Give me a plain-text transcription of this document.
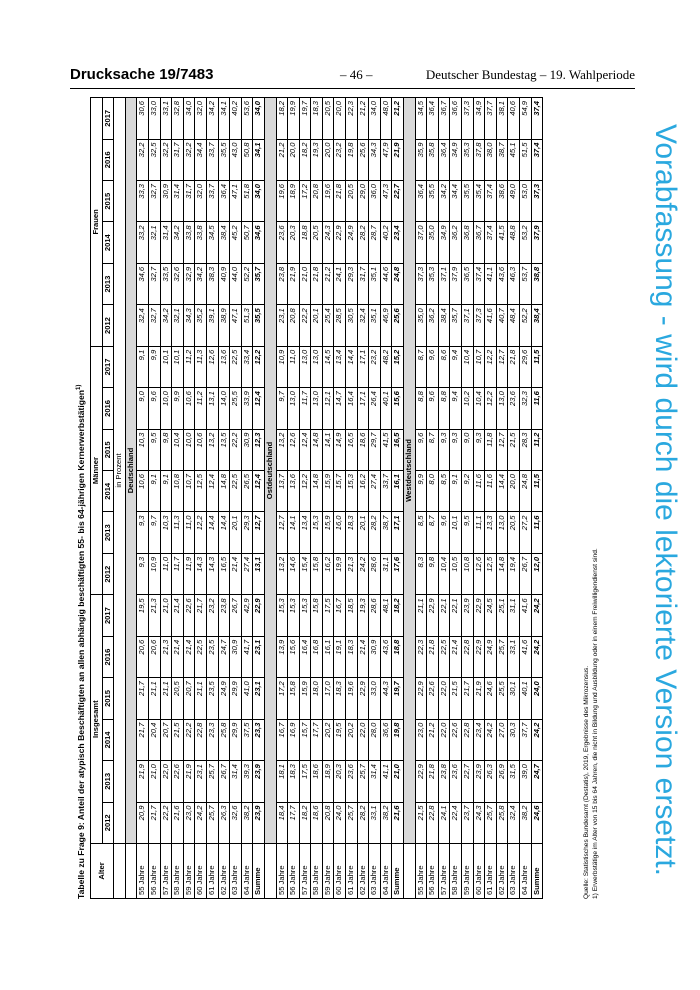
Drucksache 19/7483	– 46 –	Deutscher Bundestag – 19. Wahlperiode
Vorabfassung - wird durch die lektorierte Version ersetzt.
Tabelle zu Frage 9: Anteil der atypisch Beschäftigten an allen abhängig beschäftigten 55- bis 64-jährigen Kernerwerbstätigen$^{1)}$
Alter	Insgesamt						Männer						Frauen					
	2012	2013	2014	2015	2016	2017	2012	2013	2014	2015	2016	2017	2012	2013	2014	2015	2016	2017
	in Prozent																	
	Deutschland																	
55 Jahre	20,9	21,9	21,7	21,7	20,6	19,5	9,3	9,3	10,6	10,3	9,0	9,1	32,4	34,6	33,2	33,3	32,2	30,6
56 Jahre	21,7	21,0	20,4	21,1	20,6	21,3	10,9	9,7	9,1	9,5	9,6	9,9	32,7	32,7	32,1	32,7	32,5	33,0
57 Jahre	22,2	22,0	20,7	21,1	21,3	21,0	11,0	10,3	9,1	9,8	10,0	10,1	34,2	33,5	31,4	30,9	32,2	33,1
58 Jahre	21,6	22,6	21,5	20,5	21,4	21,4	11,7	11,3	10,8	10,4	9,9	10,1	32,1	32,6	34,2	31,4	31,7	32,8
59 Jahre	23,0	21,9	22,2	20,7	21,4	22,6	11,9	11,0	10,7	10,0	10,6	11,2	34,3	32,9	33,8	31,7	32,2	34,0
60 Jahre	24,2	23,1	22,8	21,1	22,5	21,7	14,3	12,2	12,5	10,6	11,2	11,3	35,2	34,2	33,8	32,0	34,4	32,0
61 Jahre	25,7	25,7	23,3	23,5	23,5	23,2	14,3	14,4	12,4	13,2	13,1	12,6	39,1	38,3	34,5	33,7	33,7	34,2
62 Jahre	26,3	26,7	25,8	24,9	24,7	23,8	16,5	14,4	14,8	13,5	14,0	13,6	38,9	40,9	38,4	36,4	35,5	34,1
63 Jahre	32,6	31,4	29,9	29,9	30,9	26,7	21,4	20,1	22,5	22,2	25,5	22,5	47,1	44,0	45,2	47,1	43,0	40,2
64 Jahre	38,2	39,3	37,5	41,0	41,7	42,9	27,4	29,3	26,5	30,9	33,9	33,4	51,3	52,2	50,7	51,8	50,8	53,6
Summe	23,9	23,9	23,3	23,1	23,1	22,9	13,1	12,7	12,4	12,3	12,4	12,2	35,5	35,7	34,6	34,0	34,1	34,0
	Ostdeutschland																	
55 Jahre	18,4	18,1	16,7	17,2	13,9	15,3	13,2	12,7	13,7	13,2	9,7	10,9	23,1	23,8	23,6	19,6	21,2	18,2
56 Jahre	17,7	18,3	16,9	15,8	15,6	15,3	14,6	14,1	13,6	12,6	13,0	11,0	20,8	21,9	20,3	18,9	20,0	19,9
57 Jahre	18,2	17,5	15,7	15,9	16,4	15,3	15,4	13,4	12,2	12,4	11,7	13,0	22,2	21,0	18,8	17,2	18,2	19,7
58 Jahre	18,6	18,6	17,7	18,0	16,8	15,8	15,8	15,3	14,8	14,8	13,0	13,0	20,1	21,8	20,5	20,8	19,3	18,3
59 Jahre	20,8	18,9	20,2	17,0	16,1	17,5	16,2	15,9	15,9	14,1	12,1	14,5	25,4	21,2	24,3	19,6	20,0	20,5
60 Jahre	24,0	20,3	19,5	18,3	19,1	16,7	19,9	16,0	15,7	14,9	14,7	13,4	28,5	24,1	22,9	21,8	23,2	20,0
61 Jahre	25,7	23,6	20,2	19,6	18,3	18,5	21,3	18,3	15,3	16,5	16,4	14,4	30,5	29,3	24,9	20,5	19,8	22,3
62 Jahre	28,2	25,7	22,0	22,9	21,4	19,3	24,2	20,1	16,2	18,6	17,1	17,1	32,4	31,7	28,2	29,0	25,6	21,2
63 Jahre	33,1	31,4	28,0	33,0	30,9	28,6	28,6	28,2	27,4	29,7	26,4	23,2	35,1	35,1	28,7	36,0	34,3	34,0
64 Jahre	38,2	41,1	36,6	44,3	43,6	48,1	31,1	38,7	33,7	41,5	40,1	48,2	46,9	44,6	40,2	47,3	47,9	48,0
Summe	21,6	21,0	19,8	19,7	18,8	18,2	17,6	17,1	16,1	16,5	15,6	15,2	25,6	24,8	23,4	22,7	21,9	21,2
	Westdeutschland																	
55 Jahre	21,5	22,9	23,0	22,9	22,3	21,1	8,3	8,5	9,9	9,6	8,8	8,7	35,0	37,3	37,0	36,4	35,9	34,5
56 Jahre	22,8	21,8	21,2	22,6	21,8	22,9	9,8	8,7	8,0	8,7	9,6	9,6	36,2	35,3	35,0	35,5	35,8	36,4
57 Jahre	24,1	23,8	22,0	22,0	22,5	22,1	10,4	9,6	8,5	9,3	8,8	8,6	38,4	37,1	34,9	34,2	36,4	36,7
58 Jahre	22,4	23,6	22,6	21,5	21,4	22,1	10,5	10,1	9,1	9,3	9,4	9,4	35,7	37,9	36,2	34,4	34,9	36,6
59 Jahre	23,7	22,7	22,8	21,7	22,8	23,9	10,8	9,5	9,2	9,0	10,2	10,4	37,1	36,5	36,8	35,5	35,3	37,3
60 Jahre	24,3	23,9	23,4	21,9	22,9	22,9	12,6	11,1	11,6	9,3	10,4	10,7	37,3	37,4	36,7	35,4	37,8	34,9
61 Jahre	25,7	26,3	24,2	24,6	24,9	24,5	12,5	13,3	11,6	11,8	12,2	12,2	41,6	41,1	37,4	37,4	38,0	37,7
62 Jahre	25,8	26,9	27,0	25,5	25,7	25,1	14,8	13,0	14,4	12,7	13,0	12,7	40,7	43,6	41,5	38,6	38,7	38,1
63 Jahre	32,4	31,5	30,3	30,1	33,1	31,1	19,4	20,5	20,0	21,5	23,6	21,8	48,4	46,3	48,8	49,0	45,1	40,6
64 Jahre	38,2	39,0	37,7	40,1	41,6	41,6	26,7	27,2	24,8	28,3	32,3	29,6	52,2	53,7	53,2	53,0	51,5	54,9
Summe	24,6	24,7	24,2	24,0	24,2	24,2	12,0	11,6	11,5	11,2	11,6	11,5	38,4	38,8	37,9	37,3	37,4	37,4
Quelle: Statistisches Bundesamt (Destatis), 2019, Ergebnisse des Mikrozensus. 1) Erwerbstätige im Alter von 15 bis 64 Jahren, die nicht in Bildung und Ausbildung oder in einem Freiwilligendienst sind.
